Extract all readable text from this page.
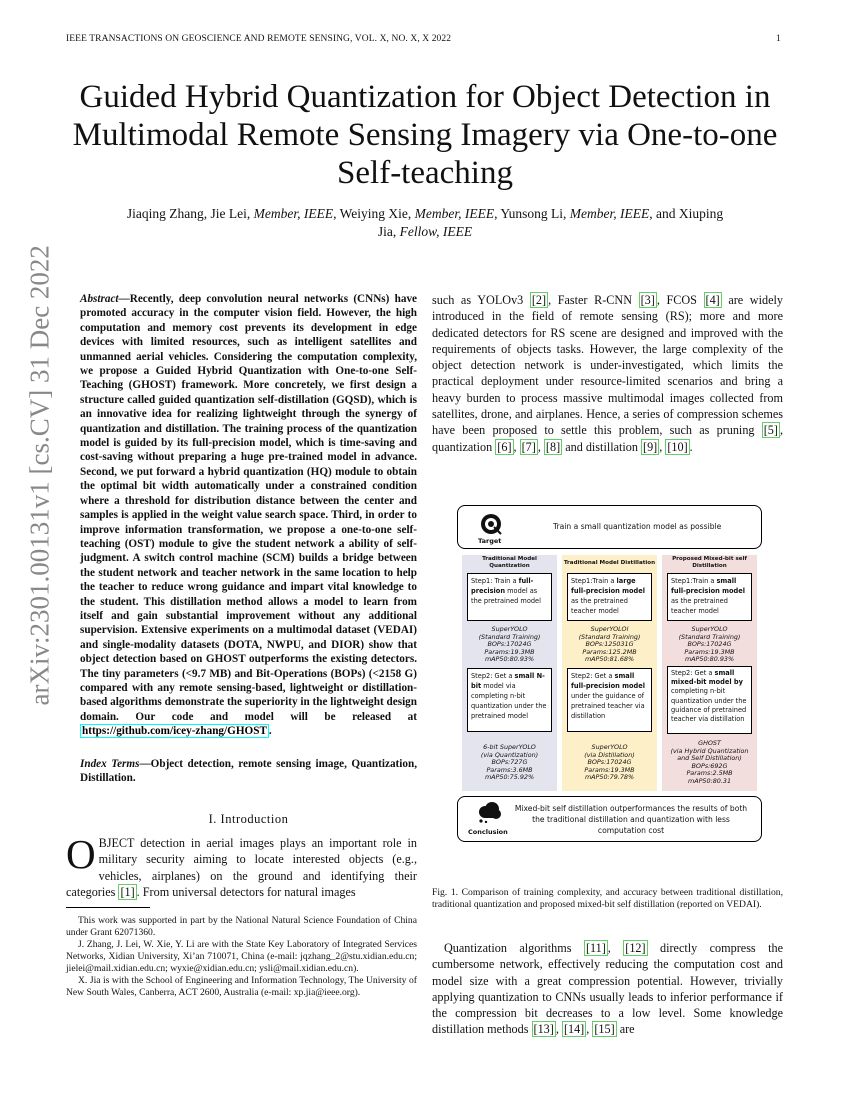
IEEE TRANSACTIONS ON GEOSCIENCE AND REMOTE SENSING, VOL. X, NO. X, X 2022	1
Guided Hybrid Quantization for Object Detection in Multimodal Remote Sensing Imagery via One-to-one Self-teaching
Jiaqing Zhang, Jie Lei, Member, IEEE, Weiying Xie, Member, IEEE, Yunsong Li, Member, IEEE, and Xiuping
Jia, Fellow, IEEE
arXiv:2301.00131v1 [cs.CV] 31 Dec 2022 Abstract—Recently, deep convolution neural networks (CNNs) have promoted accuracy in the computer vision field. However, the high computation and memory cost prevents its development in edge devices with limited resources, such as intelligent satellites and unmanned aerial vehicles. Considering the computation complexity, we propose a Guided Hybrid Quantization with One-to-one Self-Teaching (GHOST) framework. More concretely, we first design a structure called guided quantization self-distillation (GQSD), which is an innovative idea for realizing lightweight through the synergy of quantization and distillation. The training process of the quantization model is guided by its full-precision model, which is time-saving and cost-saving without preparing a huge pre-trained model in advance. Second, we put forward a hybrid quantization (HQ) module to obtain the optimal bit width automatically under a constrained condition where a threshold for distribution distance between the center and samples is applied in the weight value search space. Third, in order to improve information transformation, we propose a one-to-one self-teaching (OST) module to give the student network a ability of self-judgment. A switch control machine (SCM) builds a bridge between the student network and teacher network in the same location to help the teacher to reduce wrong guidance and impart vital knowledge to the student. This distillation method allows a model to learn from itself and gain substantial improvement without any additional supervision. Extensive experiments on a multimodal dataset (VEDAI) and single-modality datasets (DOTA, NWPU, and DIOR) show that object detection based on GHOST outperforms the existing detectors. The tiny parameters (<9.7 MB) and Bit-Operations (BOPs) (<2158 G) compared with any remote sensing-based, lightweight or distillation-based algorithms demonstrate the superiority in the lightweight design domain. Our code and model will be released at https://github.com/icey-zhang/GHOST .
Index Terms—Object detection, remote sensing image, Quantization, Distillation.
I. Introduction
OBJECT detection in aerial images plays an important role in military security aiming to locate interested objects (e.g., vehicles, airplanes) on the ground and identifying their categories [1] . From universal detectors for natural images

This work was supported in part by the National Natural Science Foundation of China under Grant 62071360.

J. Zhang, J. Lei, W. Xie, Y. Li are with the State Key Laboratory of Integrated Services Networks, Xidian University, Xi’an 710071, China (e-mail: jqzhang_2@stu.xidian.edu.cn; jielei@mail.xidian.edu.cn; wyxie@xidian.edu.cn; ysli@mail.xidian.edu.cn).

X. Jia is with the School of Engineering and Information Technology, The University of New South Wales, Canberra, ACT 2600, Australia (e-mail: xp.jia@ieee.org).

such as YOLOv3 [2] , Faster R-CNN [3] , FCOS [4] are widely introduced in the field of remote sensing (RS); more and more dedicated detectors for RS scene are designed and improved with the requirements of objects tasks. However, the large complexity of the object detection network is under-investigated, which limits the practical deployment under resource-limited scenarios and bring a heavy burden to process massive multimodal images collected from satellites, drone, and airplanes. Hence, a series of compression schemes have been proposed to settle this problem, such as pruning [5] , quantization [6] , [7] , [8] and distillation [9] , [10] .
Target
Train a small quantization model as possible
Traditional Model Quantization
Step1: Train a full-precision model as the pretrained model
SuperYOLO
(Standard Training)
BOPs:17024G
Params:19.3MB
mAP50:80.93%
Step2: Get a small N-bit model via completing n-bit quantization under the pretrained model
6-bit SuperYOLO
(via Quantization)
BOPs:727G
Params:3.6MB
mAP50:75.92%
Traditional Model Distillation
Step1:Train a large full-precision model as the pretrained teacher model
SuperYOLOl
(Standard Training)
BOPs:125031G
Params:125.2MB
mAP50:81.68%
Step2: Get a small full-precision model under the guidance of pretrained teacher via distillation
SuperYOLO
(via Distillation)
BOPs:17024G
Params:19.3MB
mAP50:79.78%
Proposed Mixed-bit self Distillation
Step1:Train a small full-precision model as the pretrained teacher model
SuperYOLO
(Standard Training)
BOPs:17024G
Params:19.3MB
mAP50:80.93%
Step2: Get a small mixed-bit model by completing n-bit quantization under the guidance of pretrained teacher via distillation
GHOST
(via Hybrid Quantization
and Self Distillation)
BOPs:692G
Params:2.5MB
mAP50:80.31
Conclusion
Mixed-bit self distillation outperformances the results of both the traditional distillation and quantization with less computation cost
Fig. 1. Comparison of training complexity, and accuracy between traditional distillation, traditional quantization and proposed mixed-bit self distillation (reported on VEDAI).

Quantization algorithms [11] , [12] directly compress the cumbersome network, effectively reducing the computation cost and model size with a great compression potential. However, trivially applying quantization to CNNs usually leads to inferior performance if the compression bit decreases to a low level. Some knowledge distillation methods [13] , [14] , [15] are
